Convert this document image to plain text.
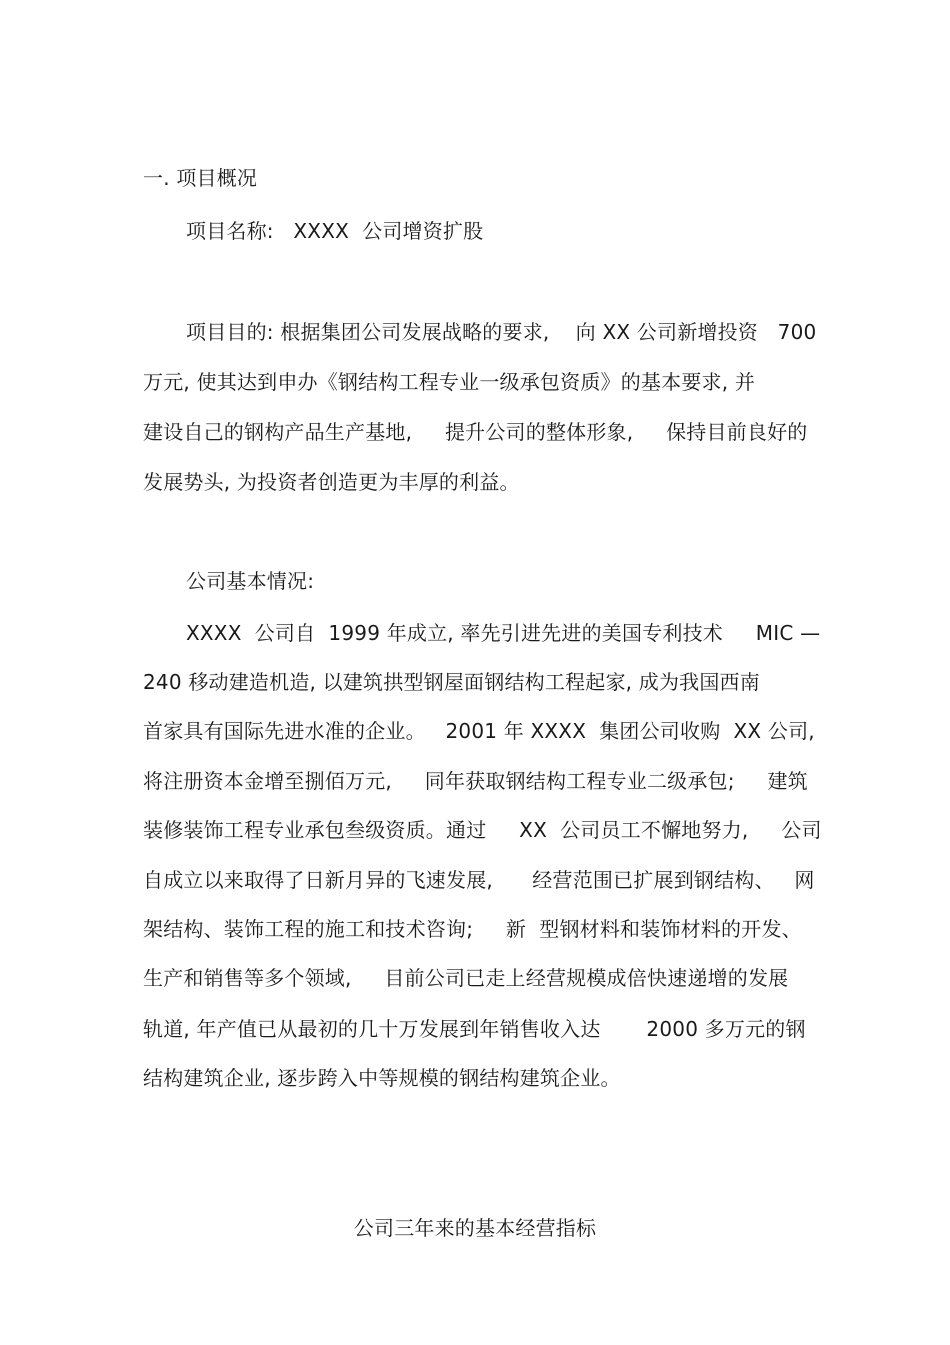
一. 项目概况
项目名称:   XXXX  公司增资扩股
项目目的: 根据集团公司发展战略的要求,    向 XX 公司新增投资   700
万元, 使其达到申办《钢结构工程专业一级承包资质》的基本要求, 并
建设自己的钢构产品生产基地,     提升公司的整体形象,     保持目前良好的
发展势头, 为投资者创造更为丰厚的利益。
公司基本情况:
XXXX  公司自  1999 年成立, 率先引进先进的美国专利技术     MIC —
240 移动建造机造, 以建筑拱型钢屋面钢结构工程起家, 成为我国西南
首家具有国际先进水准的企业。   2001 年 XXXX  集团公司收购  XX 公司,
将注册资本金增至捌佰万元,     同年获取钢结构工程专业二级承包;     建筑
装修装饰工程专业承包叁级资质。通过     XX  公司员工不懈地努力,     公司
自成立以来取得了日新月异的飞速发展,      经营范围已扩展到钢结构、   网
架结构、装饰工程的施工和技术咨询;     新  型钢材料和装饰材料的开发、
生产和销售等多个领域,     目前公司已走上经营规模成倍快速递增的发展
轨道, 年产值已从最初的几十万发展到年销售收入达       2000 多万元的钢
结构建筑企业, 逐步跨入中等规模的钢结构建筑企业。
公司三年来的基本经营指标
